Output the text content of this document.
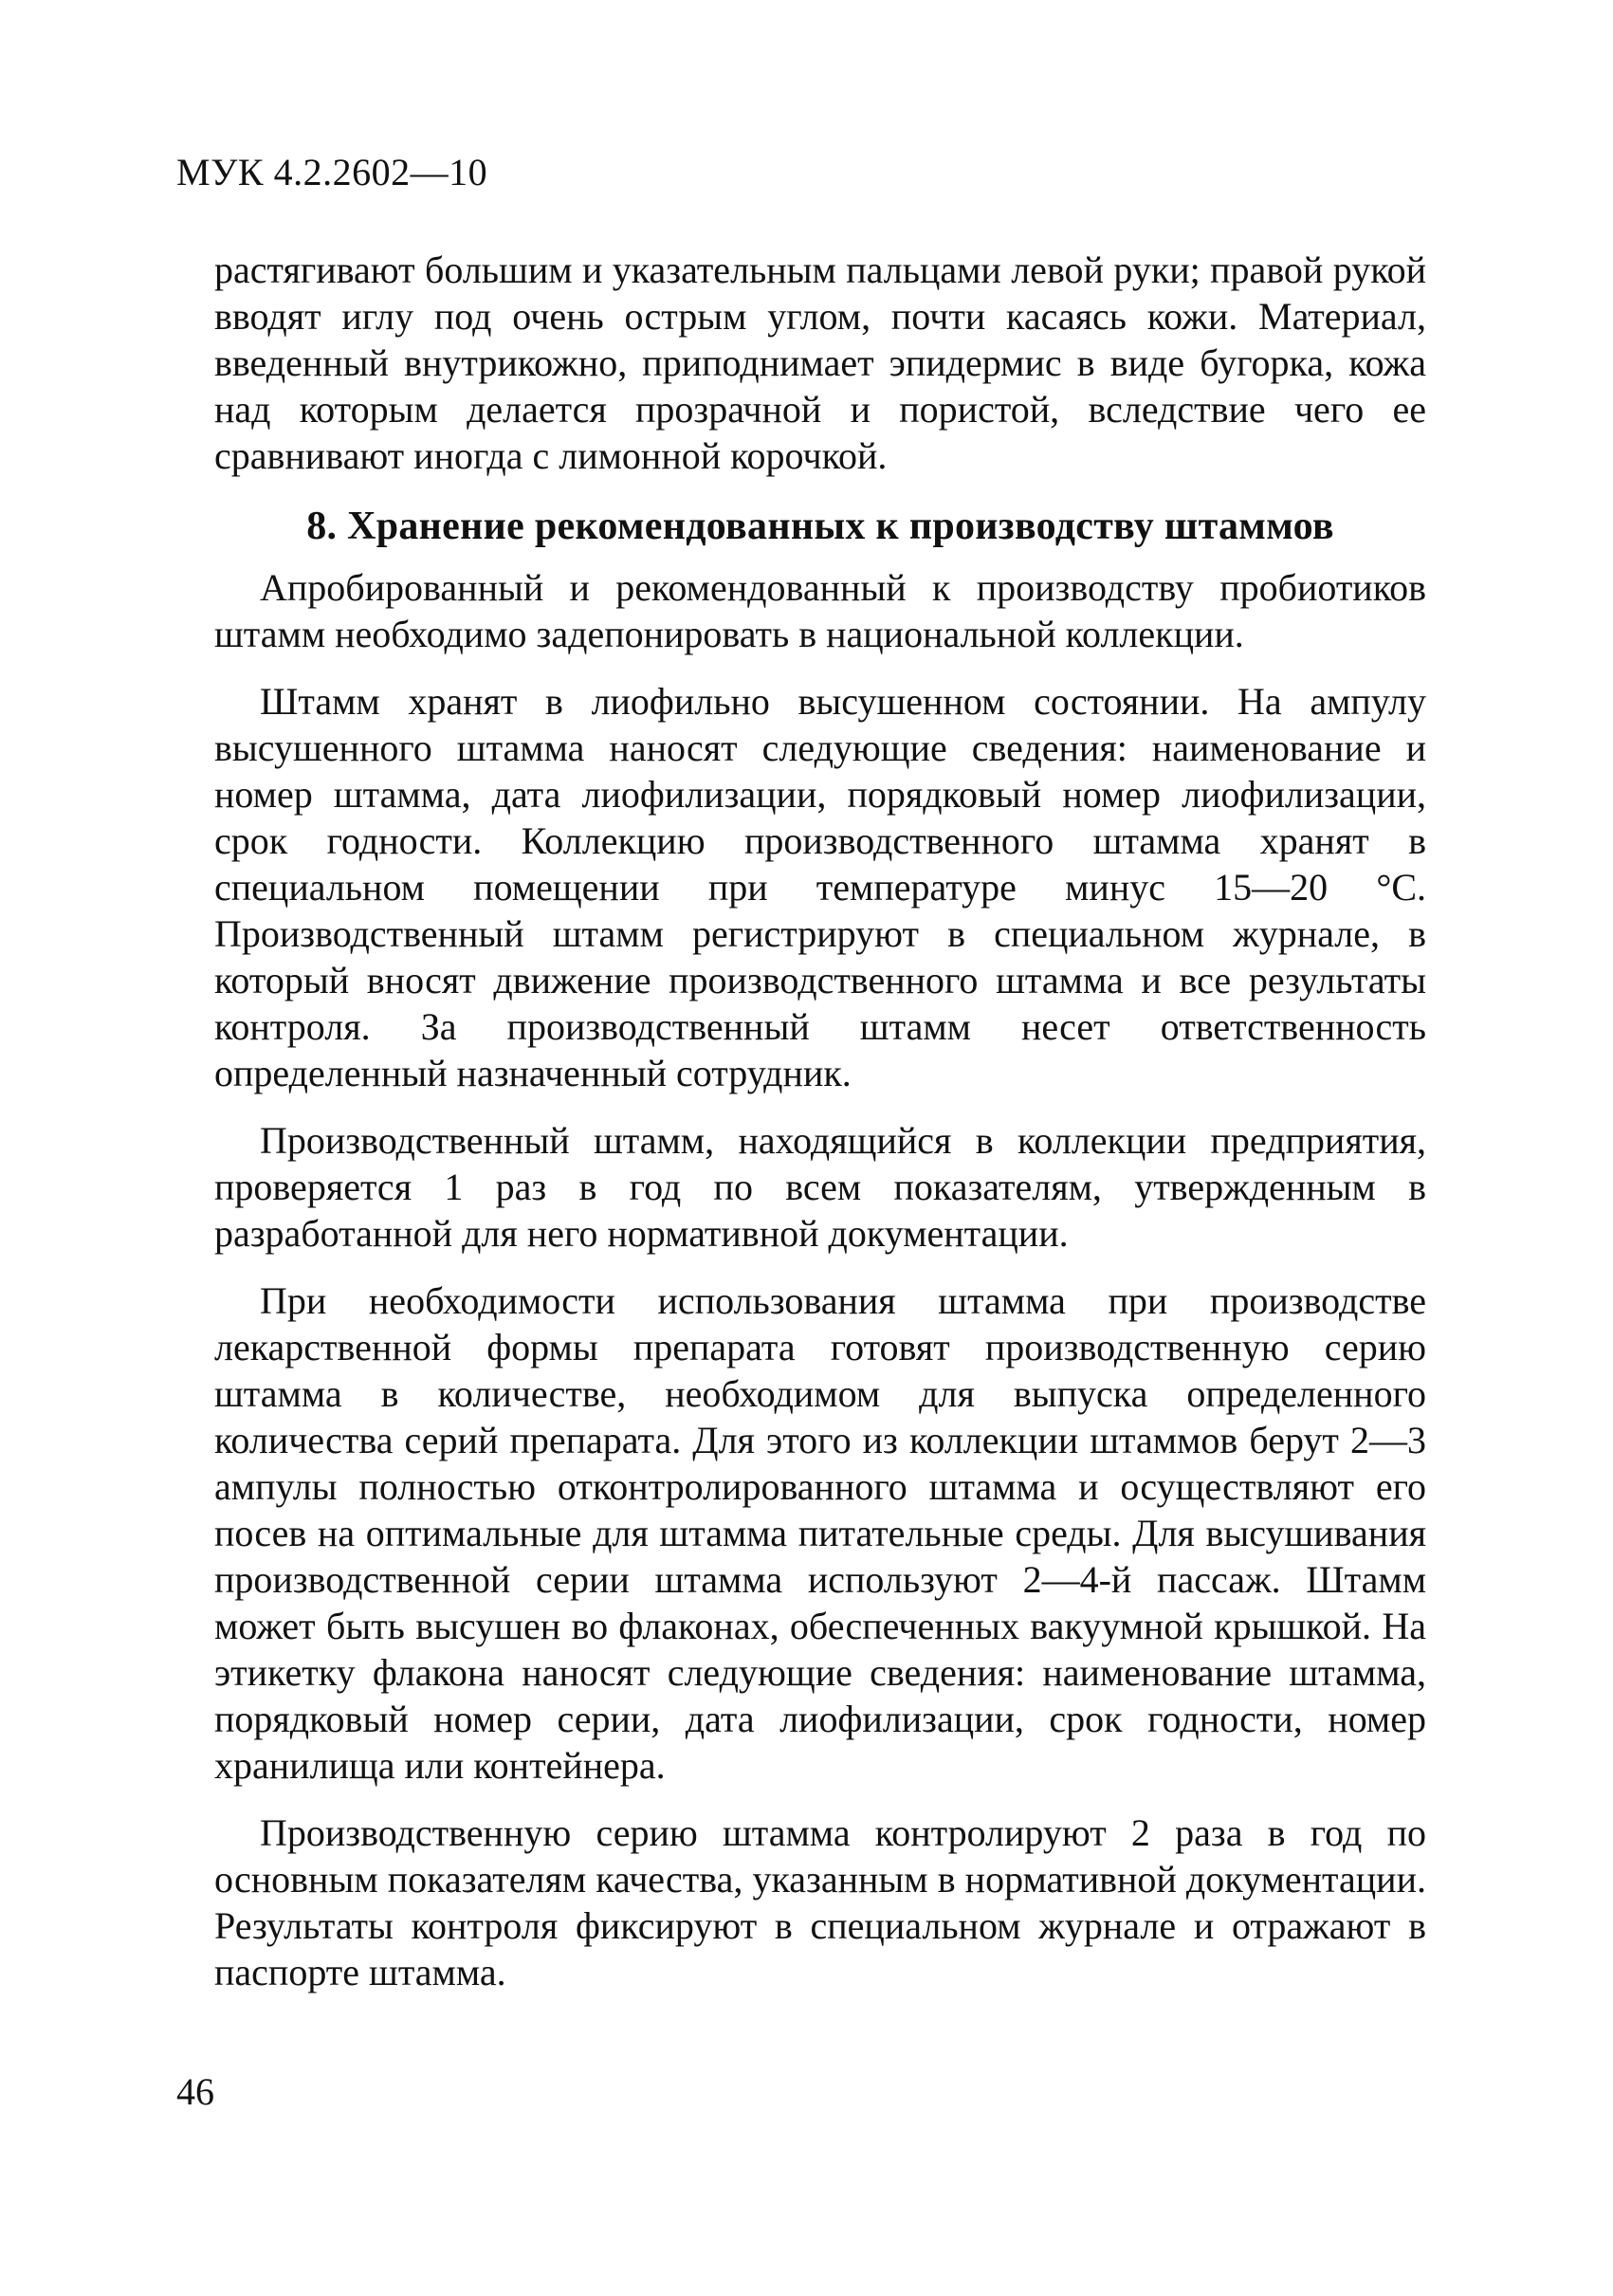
МУК 4.2.2602—10

растягивают большим и указательным пальцами левой руки; правой рукой вводят иглу под очень острым углом, почти касаясь кожи. Материал, введенный внутрикожно, приподнимает эпидермис в виде бугорка, кожа над которым делается прозрачной и пористой, вследствие чего ее сравнивают иногда с лимонной корочкой.

8. Хранение рекомендованных к производству штаммов

Апробированный и рекомендованный к производству пробиотиков штамм необходимо задепонировать в национальной коллекции.

Штамм хранят в лиофильно высушенном состоянии. На ампулу высушенного штамма наносят следующие сведения: наименование и номер штамма, дата лиофилизации, порядковый номер лиофилизации, срок годности. Коллекцию производственного штамма хранят в специальном помещении при температуре минус 15—20 °С. Производственный штамм регистрируют в специальном журнале, в который вносят движение производственного штамма и все результаты контроля. За производственный штамм несет ответственность определенный назначенный сотрудник.

Производственный штамм, находящийся в коллекции предприятия, проверяется 1 раз в год по всем показателям, утвержденным в разработанной для него нормативной документации.

При необходимости использования штамма при производстве лекарственной формы препарата готовят производственную серию штамма в количестве, необходимом для выпуска определенного количества серий препарата. Для этого из коллекции штаммов берут 2—3 ампулы полностью отконтролированного штамма и осуществляют его посев на оптимальные для штамма питательные среды. Для высушивания производственной серии штамма используют 2—4-й пассаж. Штамм может быть высушен во флаконах, обеспеченных вакуумной крышкой. На этикетку флакона наносят следующие сведения: наименование штамма, порядковый номер серии, дата лиофилизации, срок годности, номер хранилища или контейнера.

Производственную серию штамма контролируют 2 раза в год по основным показателям качества, указанным в нормативной документации. Результаты контроля фиксируют в специальном журнале и отражают в паспорте штамма.

46
